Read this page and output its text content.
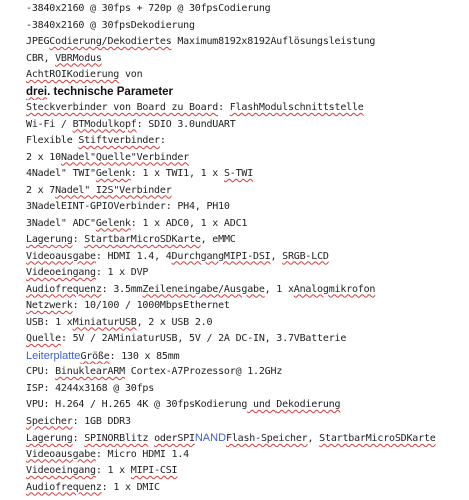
-3840x2160 @ 30fps + 720p @ 30fpsCodierung
-3840x2160 @ 30fpsDekodierung
JPEGCodierung/Dekodiertes Maximum8192x8192Auflösungsleistung
CBR, VBRModus
AchtROIKodierung von
drei. technische Parameter
Steckverbinder von Board zu Board: FlashModulschnittstelle
Wi-Fi / BTModulkopf: SDIO 3.0undUART
Flexible Stiftverbinder:
2 x 10Nadel"Quelle"Verbinder
4Nadel" TWI"Gelenk: 1 x TWI1, 1 x S-TWI
2 x 7Nadel" I2S"Verbinder
3NadelEINT-GPIOVerbinder: PH4, PH10
3Nadel" ADC"Gelenk: 1 x ADC0, 1 x ADC1
Lagerung: StartbarMicroSDKarte, eMMC
Videoausgabe: HDMI 1.4, 4DurchgangMIPI-DSI, SRGB-LCD
Videoeingang: 1 x DVP
Audiofrequenz: 3.5mmZeileneingabe/Ausgabe, 1 xAnalogmikrofon
Netzwerk: 10/100 / 1000MbpsEthernet
USB: 1 xMiniaturUSB, 2 x USB 2.0
Quelle: 5V / 2AMiniaturUSB, 5V / 2A DC-IN, 3.7VBatterie
LeiterplatteGröße: 130 x 85mm
CPU: BinuklearARM Cortex-A7Prozessor@ 1.2GHz
ISP: 4244x3168 @ 30fps
VPU: H.264 / H.265 4K @ 30fpsKodierung und Dekodierung
Speicher: 1GB DDR3
Lagerung: SPINORBlitz oderSPINANDFlash-Speicher, StartbarMicroSDKarte
Videoausgabe: Micro HDMI 1.4
Videoeingang: 1 x MIPI-CSI
Audiofrequenz: 1 x DMIC
